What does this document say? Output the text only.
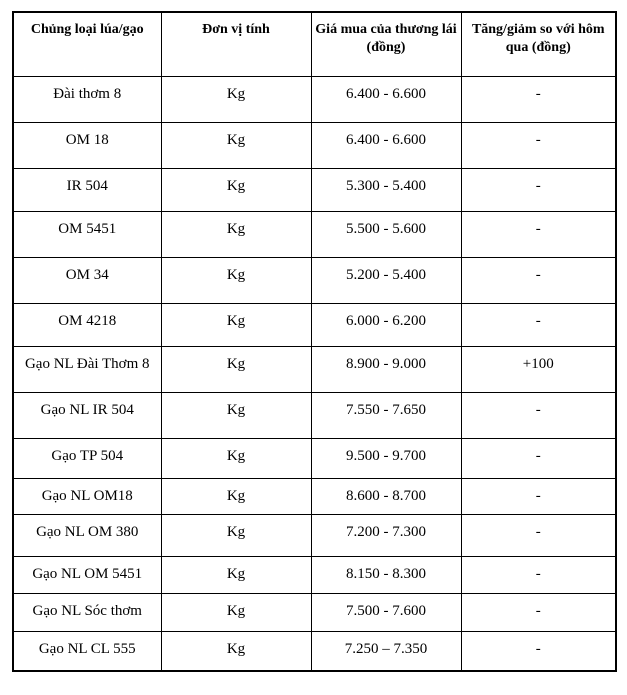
Chủng loại lúa/gạo	Đơn vị tính	Giá mua của thương lái (đồng)	Tăng/giảm so với hôm qua (đồng)
Đài thơm 8	Kg	6.400 - 6.600	-
OM 18	Kg	6.400 - 6.600	-
IR 504	Kg	5.300 - 5.400	-
OM 5451	Kg	5.500 - 5.600	-
OM 34	Kg	5.200 - 5.400	-
OM 4218	Kg	6.000 - 6.200	-
Gạo NL Đài Thơm 8	Kg	8.900 - 9.000	+100
Gạo NL IR 504	Kg	7.550 - 7.650	-
Gạo TP 504	Kg	9.500 - 9.700	-
Gạo NL OM18	Kg	8.600 - 8.700	-
Gạo NL OM 380	Kg	7.200 - 7.300	-
Gạo NL OM 5451	Kg	8.150 - 8.300	-
Gạo NL Sóc thơm	Kg	7.500 - 7.600	-
Gạo NL CL 555	Kg	7.250 – 7.350	-
